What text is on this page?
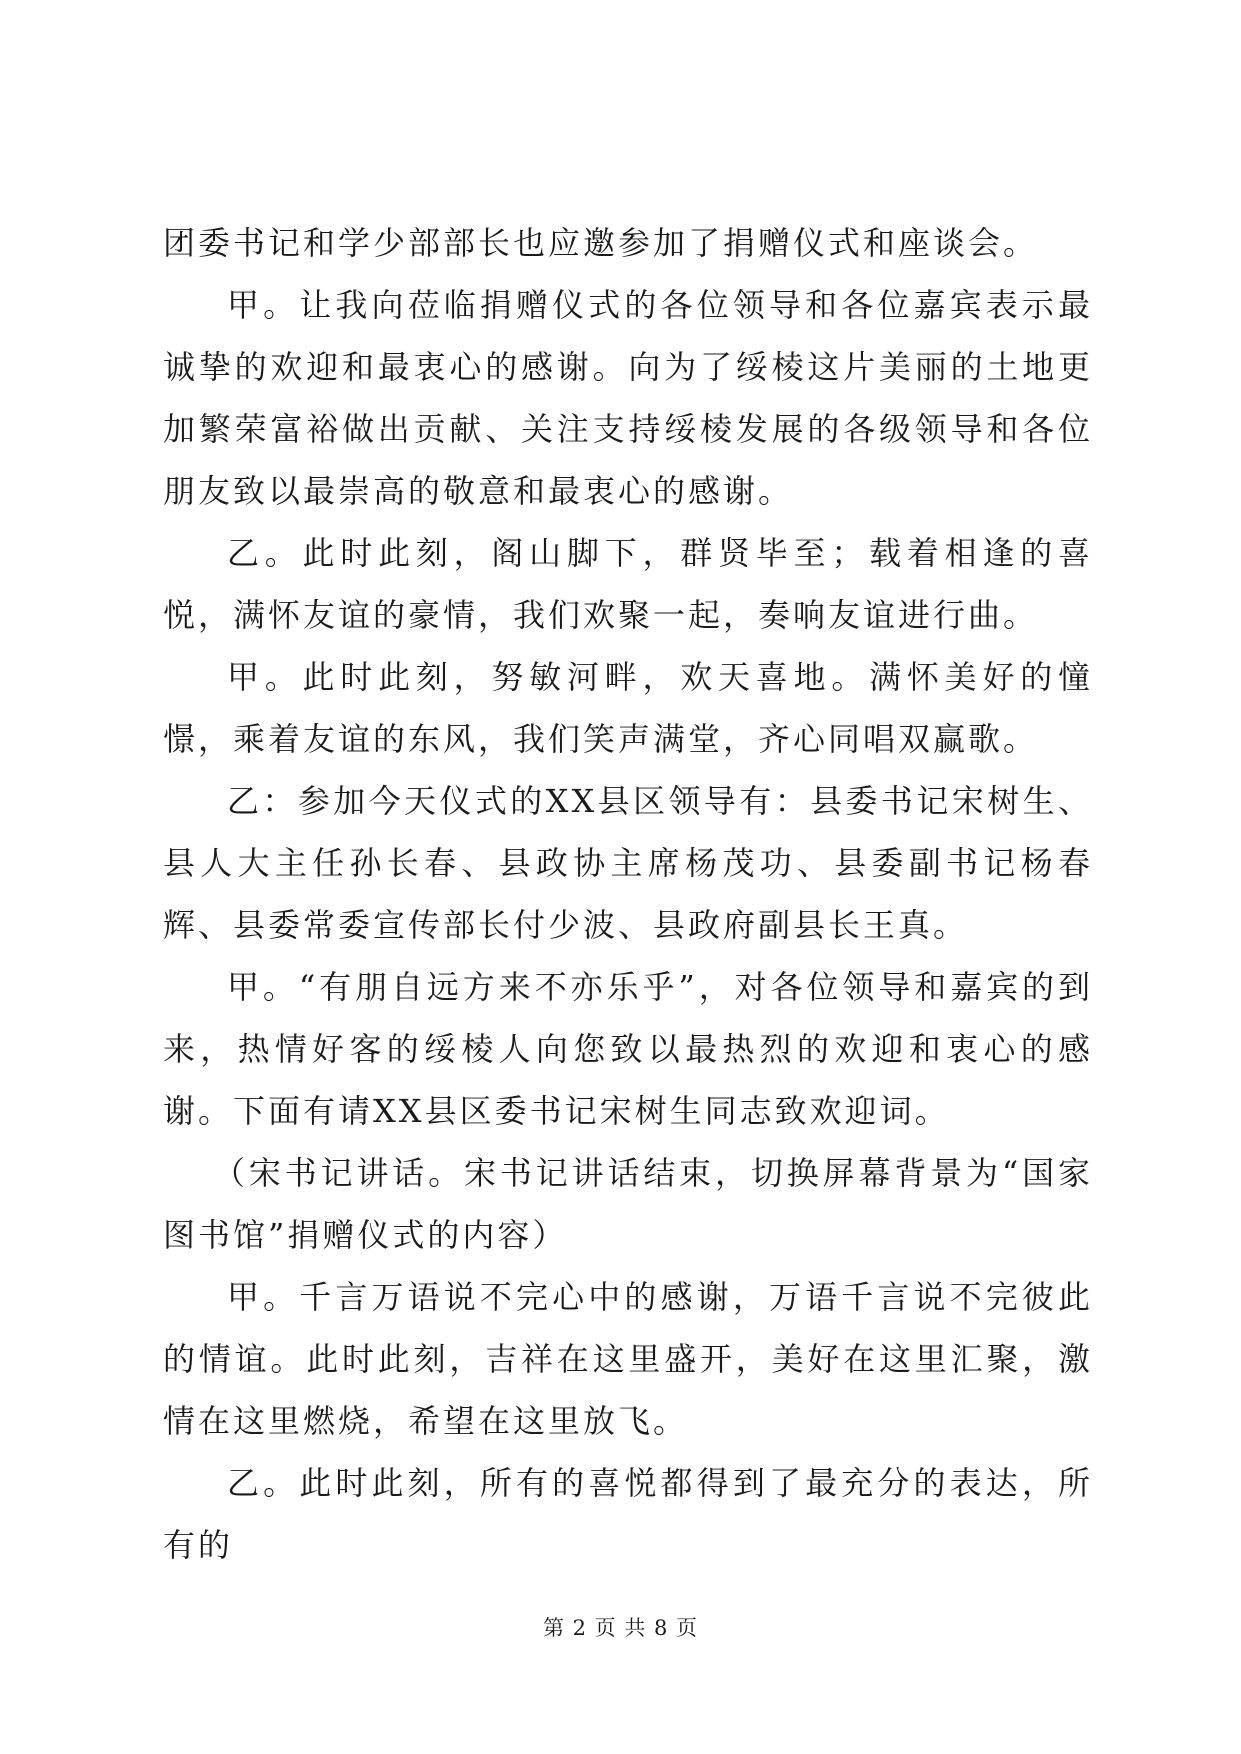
团委书记和学少部部长也应邀参加了捐赠仪式和座谈会。

甲。让我向莅临捐赠仪式的各位领导和各位嘉宾表示最诚挚的欢迎和最衷心的感谢。向为了绥棱这片美丽的土地更加繁荣富裕做出贡献、关注支持绥棱发展的各级领导和各位朋友致以最崇高的敬意和最衷心的感谢。

乙。此时此刻，阁山脚下，群贤毕至；载着相逢的喜悦，满怀友谊的豪情，我们欢聚一起，奏响友谊进行曲。

甲。此时此刻，努敏河畔，欢天喜地。满怀美好的憧憬，乘着友谊的东风，我们笑声满堂，齐心同唱双赢歌。

乙：参加今天仪式的XX县区领导有：县委书记宋树生、县人大主任孙长春、县政协主席杨茂功、县委副书记杨春辉、县委常委宣传部长付少波、县政府副县长王真。

甲。“有朋自远方来不亦乐乎”，对各位领导和嘉宾的到来，热情好客的绥棱人向您致以最热烈的欢迎和衷心的感谢。下面有请XX县区委书记宋树生同志致欢迎词。

（宋书记讲话。宋书记讲话结束，切换屏幕背景为“国家图书馆”捐赠仪式的内容）

甲。千言万语说不完心中的感谢，万语千言说不完彼此的情谊。此时此刻，吉祥在这里盛开，美好在这里汇聚，激情在这里燃烧，希望在这里放飞。

乙。此时此刻，所有的喜悦都得到了最充分的表达，所有的

第 2 页 共 8 页
